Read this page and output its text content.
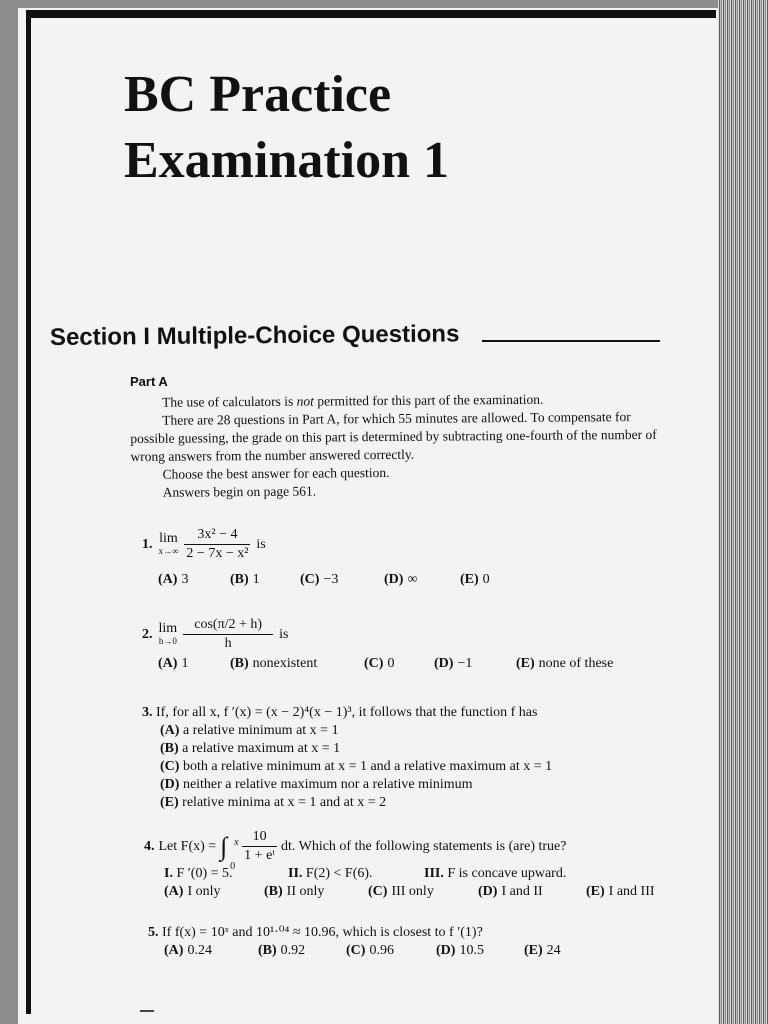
BC Practice
Examination 1
Section I Multiple-Choice Questions
Part A

The use of calculators is not permitted for this part of the examination.

There are 28 questions in Part A, for which 55 minutes are allowed. To compensate for possible guessing, the grade on this part is determined by subtracting one-fourth of the number of wrong answers from the number answered correctly.

Choose the best answer for each question.

Answers begin on page 561.

1. lim
$x\to\infty \frac{\text{3x² − 4}}{\text{2 − 7x − x²}}$ is
(A) 3	(B) 1	(C) −3	(D) ∞	(E) 0
2. lim
$h\to 0 \frac{\cos(\pi/2 + h)}{h}$ is
(A) 1	(B) nonexistent	(C) 0	(D) −1	(E) none of these
3. If, for all x, f ′(x) = (x − 2)⁴(x − 1)³, it follows that the function f has
(A) a relative minimum at x = 1
(B) a relative maximum at x = 1
(C) both a relative minimum at x = 1 and a relative maximum at x = 1
(D) neither a relative maximum nor a relative minimum
(E) relative minima at x = 1 and at x = 2
4. Let F(x) = ∫ x
0
$\frac{10}{\text{1 + eᵗ}}$ dt. Which of the following statements is (are) true?
I. F ′(0) = 5.	II. F(2) < F(6).	III. F is concave upward.
(A) I only	(B) II only	(C) III only	(D) I and II	(E) I and III
5. If f(x) = 10ˣ and 10¹·⁰⁴ ≈ 10.96, which is closest to f ′(1)?
(A) 0.24	(B) 0.92	(C) 0.96	(D) 10.5	(E) 24
